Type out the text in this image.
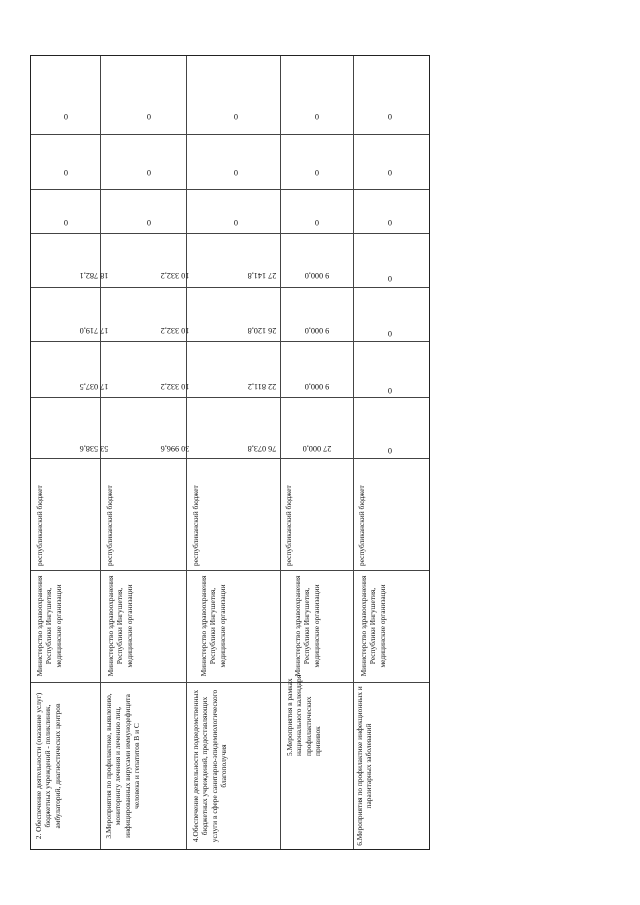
0
0
0
18 782,1
17 719,0
17 037,5
53 538,6
республиканский бюджет
Министерство здравоохранения Республики Ингушетия, медицинские организации
2. Обеспечение деятельности (оказание услуг) бюджетных учреждений - поликлиник, амбулаторий, диагностических центров
0
0
0
10 332,2
10 332,2
10 332,2
30 996,6
республиканский бюджет
Министерство здравоохранения Республики Ингушетия, медицинские организации
3.Мероприятия по профилактике, выявлению, мониторингу лечения и лечению лиц, инфицированных вирусами иммунодефицита человека и гепатитов В и С
0
0
0
27 141,8
26 120,8
22 811,2
76 073,8
республиканский бюджет
Министерство здравоохранения Республики Ингушетия, медицинские организации
4.Обеспечение деятельности подведомственных бюджетных учреждений, предоставляющих услуги в сфере санитарно-эпидемиологического благополучия
0
0
0
9 000,0
9 000,0
9 000,0
27 000,0
республиканский бюджет
Министерство здравоохранения Республики Ингушетия, медицинские организации
5.Мероприятия в рамках национального календаря профилактических прививок
0
0
0
0
0
0
0
республиканский бюджет
Министерство здравоохранения Республики Ингушетия, медицинские организации
6.Мероприятия по профилактике инфекционных и паразитарных заболеваний
